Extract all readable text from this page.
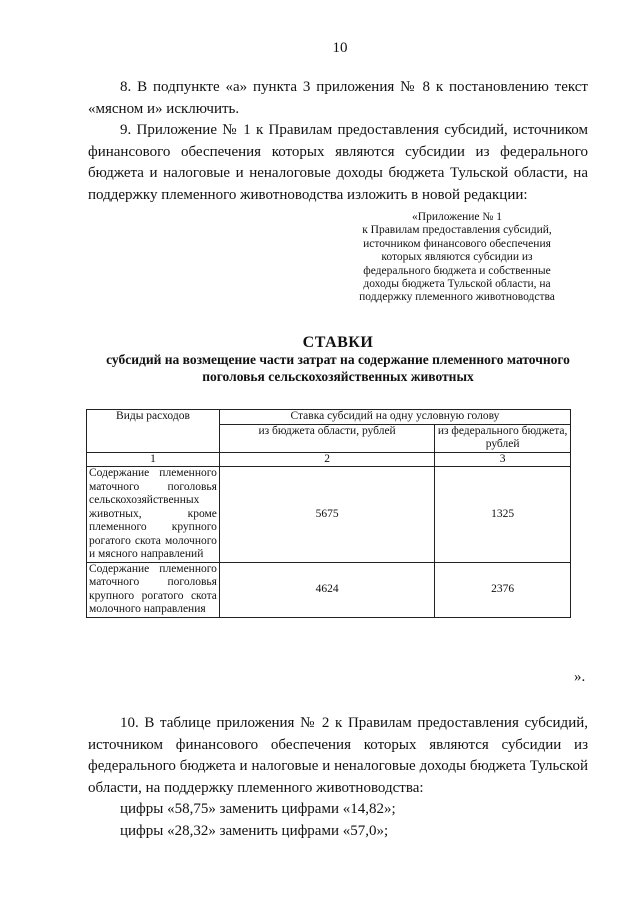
10

8. В подпункте «а» пункта 3 приложения № 8 к постановлению текст «мясном и» исключить.

9. Приложение № 1 к Правилам предоставления субсидий, источником финансового обеспечения которых являются субсидии из федерального бюджета и налоговые и неналоговые доходы бюджета Тульской области, на поддержку племенного животноводства изложить в новой редакции:

«Приложение № 1
к Правилам предоставления субсидий,
источником финансового обеспечения
которых являются субсидии из
федерального бюджета и собственные
доходы бюджета Тульской области, на
поддержку племенного животноводства
СТАВКИ
субсидий на возмещение части затрат на содержание племенного маточного поголовья сельскохозяйственных животных
Виды расходов	Ставка субсидий на одну условную голову	
	из бюджета области, рублей	из федерального бюджета, рублей
1	2	3
Содержание племенного маточного поголовья сельскохозяйственных животных, кроме племенного крупного рогатого скота молочного и мясного направлений	5675	1325
Содержание племенного маточного поголовья крупного рогатого скота молочного направления	4624	2376
».

10. В таблице приложения № 2 к Правилам предоставления субсидий, источником финансового обеспечения которых являются субсидии из федерального бюджета и налоговые и неналоговые доходы бюджета Тульской области, на поддержку племенного животноводства:

цифры «58,75» заменить цифрами «14,82»;

цифры «28,32» заменить цифрами «57,0»;
